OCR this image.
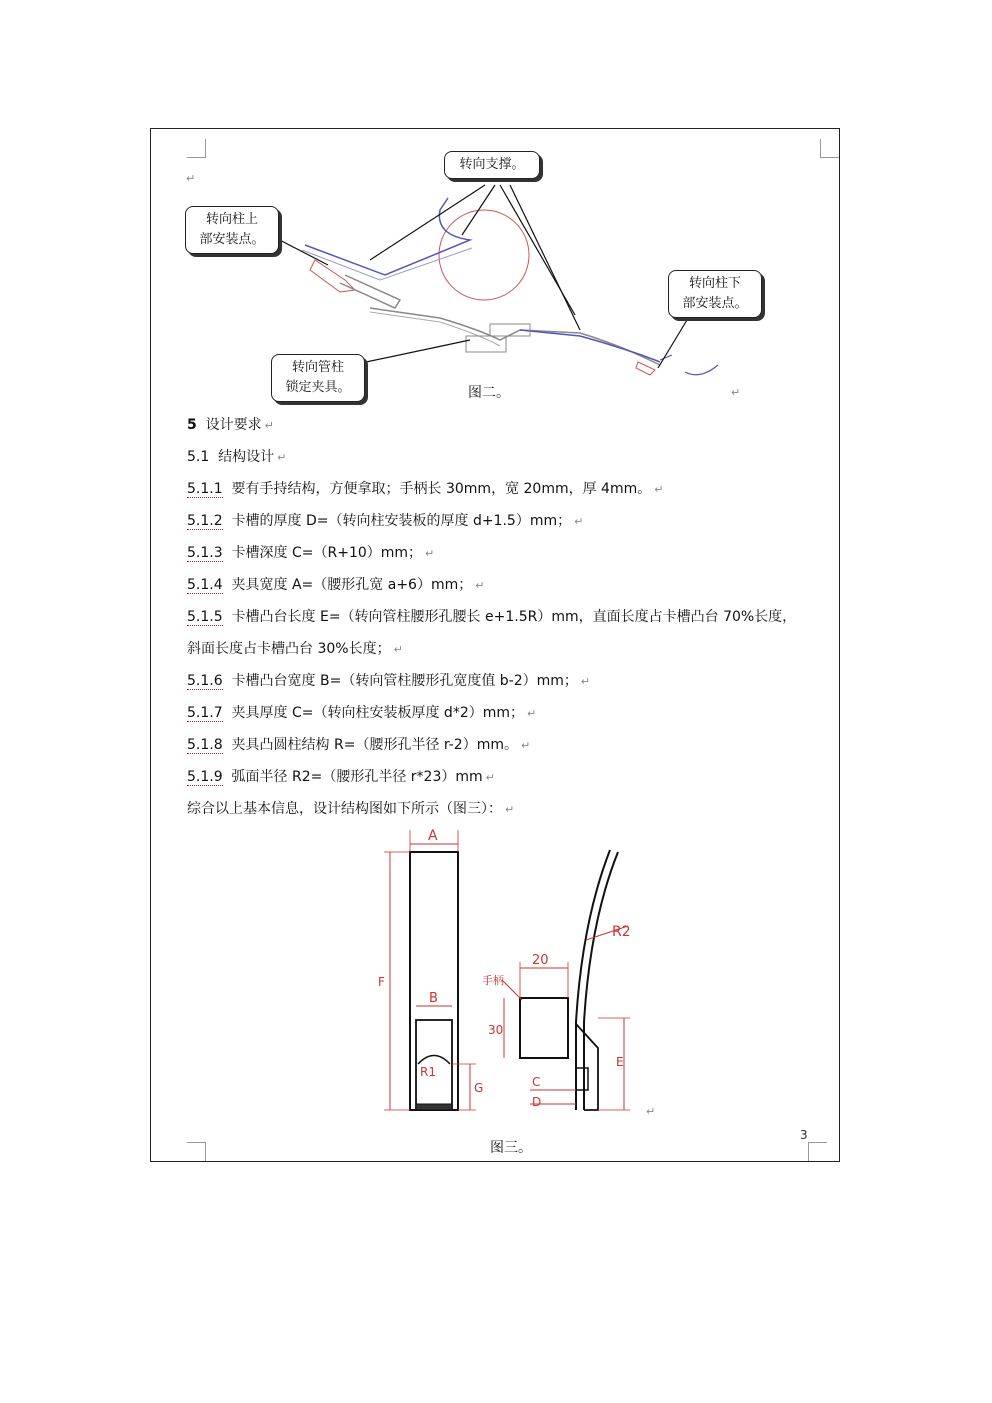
↵
转向支撑。
转向柱上
部安装点。
转向柱下
部安装点。
转向管柱
锁定夹具。	图二。	↵
5 设计要求 ↵
5.1 结构设计 ↵
5.1.1 要有手持结构，方便拿取；手柄长 30mm，宽 20mm，厚 4mm。 ↵
5.1.2 卡槽的厚度 D=（转向柱安装板的厚度 d+1.5）mm； ↵
5.1.3 卡槽深度 C=（R+10）mm； ↵
5.1.4 夹具宽度 A=（腰形孔宽 a+6）mm； ↵
5.1.5 卡槽凸台长度 E=（转向管柱腰形孔腰长 e+1.5R）mm，直面长度占卡槽凸台 70%长度，
斜面长度占卡槽凸台 30%长度； ↵
5.1.6 卡槽凸台宽度 B=（转向管柱腰形孔宽度值 b-2）mm； ↵
5.1.7 夹具厚度 C=（转向柱安装板厚度 d*2）mm； ↵
5.1.8 夹具凸圆柱结构 R=（腰形孔半径 r-2）mm。 ↵
5.1.9 弧面半径 R2=（腰形孔半径 r*23）mm ↵
综合以上基本信息，设计结构图如下所示（图三）： ↵
A
F
B
R1
G
R2
20
30
手柄
C
D
E
↵
图三。
3
